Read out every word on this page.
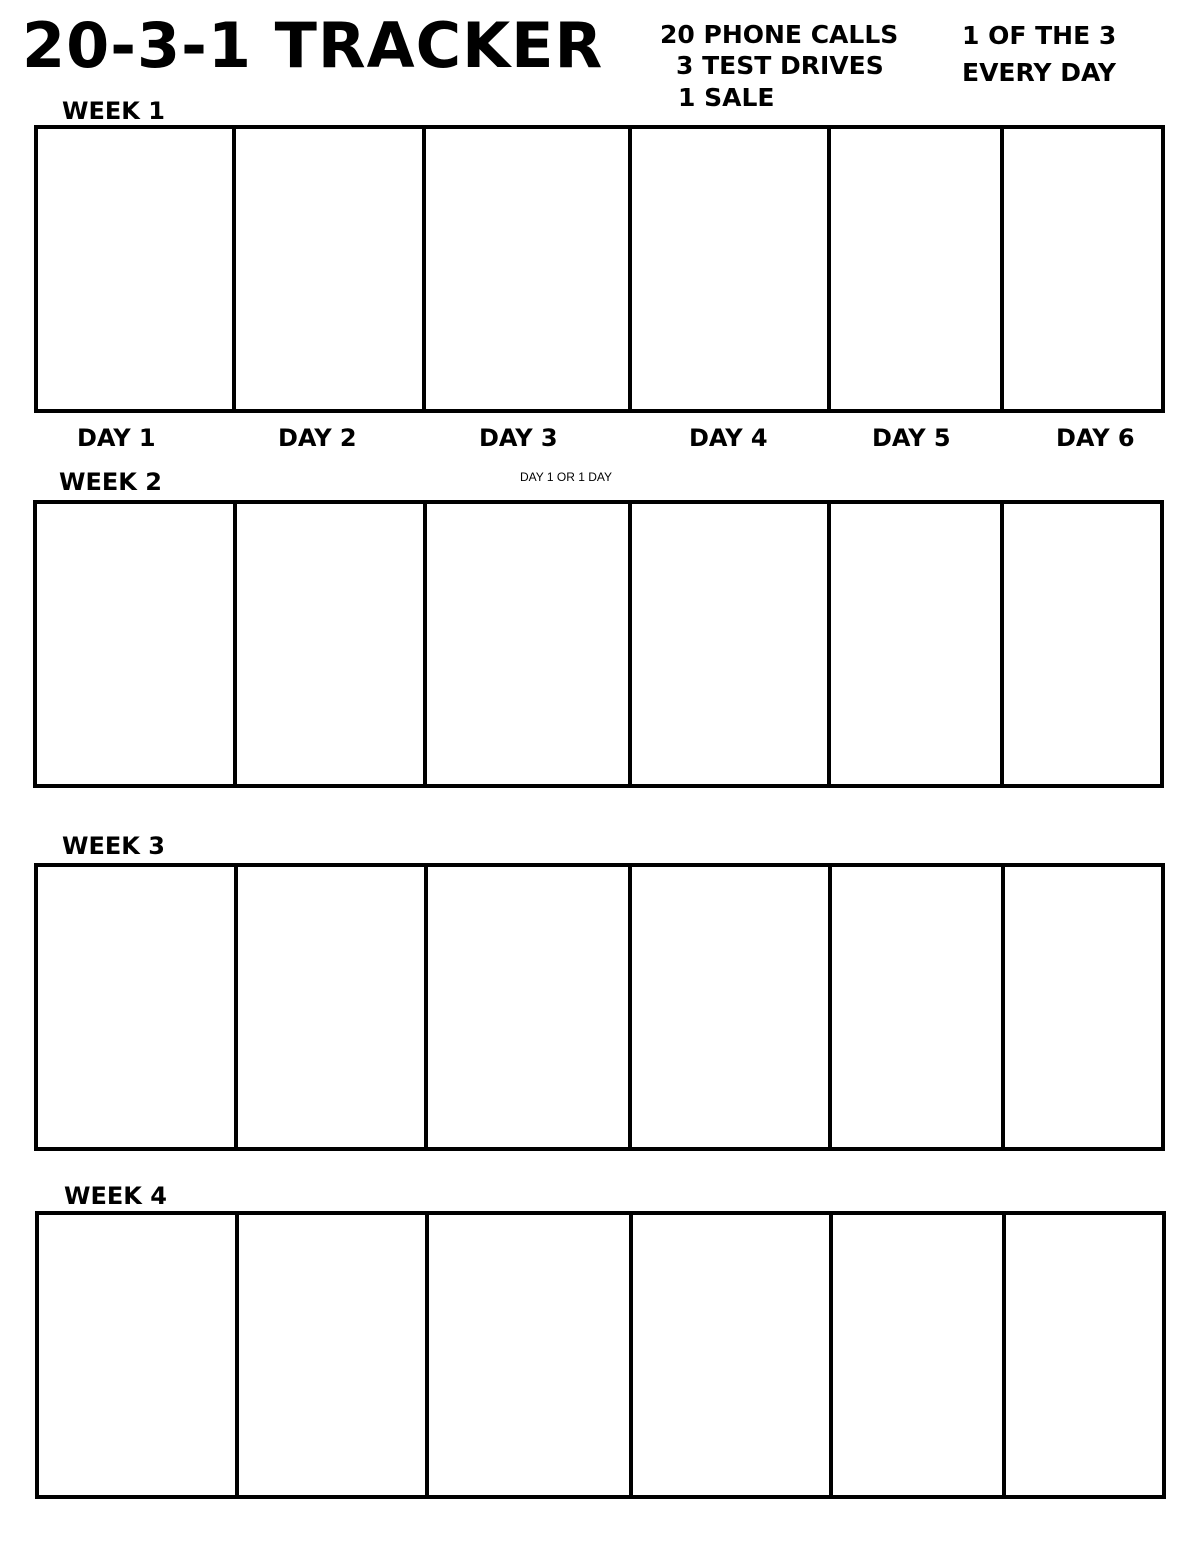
20-3-1 TRACKER 20 PHONE CALLS
3 TEST DRIVES
1 SALE
1 OF THE 3
EVERY DAY
WEEK 1
DAY 1	DAY 2	DAY 3	DAY 4	DAY 5	DAY 6
WEEK 2	DAY 1 OR 1 DAY
WEEK 3
WEEK 4
